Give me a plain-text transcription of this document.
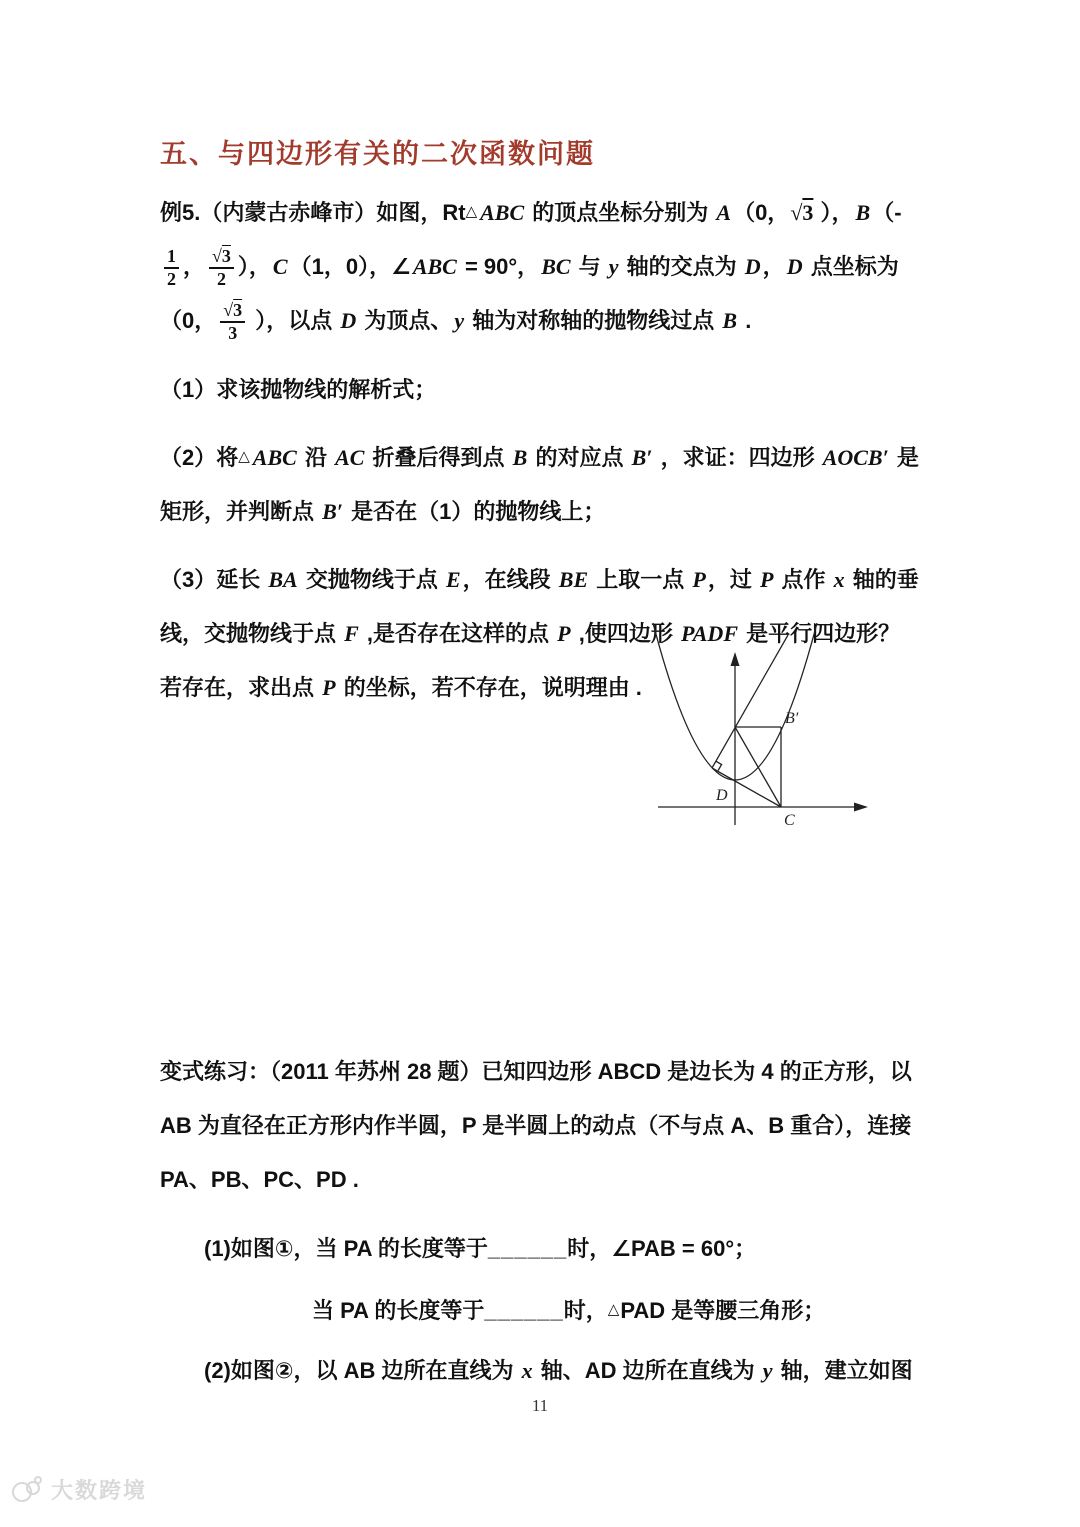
五、与四边形有关的二次函数问题

例5.（内蒙古赤峰市）如图，Rt△ ABC 的顶点坐标分别为 A（0，√3 ），B（-
$\frac{1}{2}$ ， $\frac{√3}{2}$ ），C（1，0），∠ABC = 90°，BC 与 y 轴的交点为 D，D 点坐标为（0， $\frac{√3}{3}$ ），以点 D 为顶点、y 轴为对称轴的抛物线过点 B .

（1）求该抛物线的解析式；

（2）将△ ABC 沿 AC 折叠后得到点 B 的对应点 B′ ，求证：四边形 AOCB′ 是矩形，并判断点 B′ 是否在（1）的抛物线上；

（3）延长 BA 交抛物线于点 E，在线段 BE 上取一点 P，过 P 点作 x 轴的垂线，交抛物线于点 F ,是否存在这样的点 P ,使四边形 PADF 是平行四边形？若存在，求出点 P 的坐标，若不存在，说明理由 .

变式练习：（2011 年苏州 28 题）已知四边形 ABCD 是边长为 4 的正方形，以 AB 为直径在正方形内作半圆，P 是半圆上的动点（不与点 A、B 重合），连接 PA、PB、PC、PD .

(1)如图①，当 PA 的长度等于______时，∠PAB = 60°；

当 PA 的长度等于______时，△PAD 是等腰三角形；

(2)如图②，以 AB 边所在直线为 x 轴、AD 边所在直线为 y 轴，建立如图

B′
D
C
11
大数跨境
